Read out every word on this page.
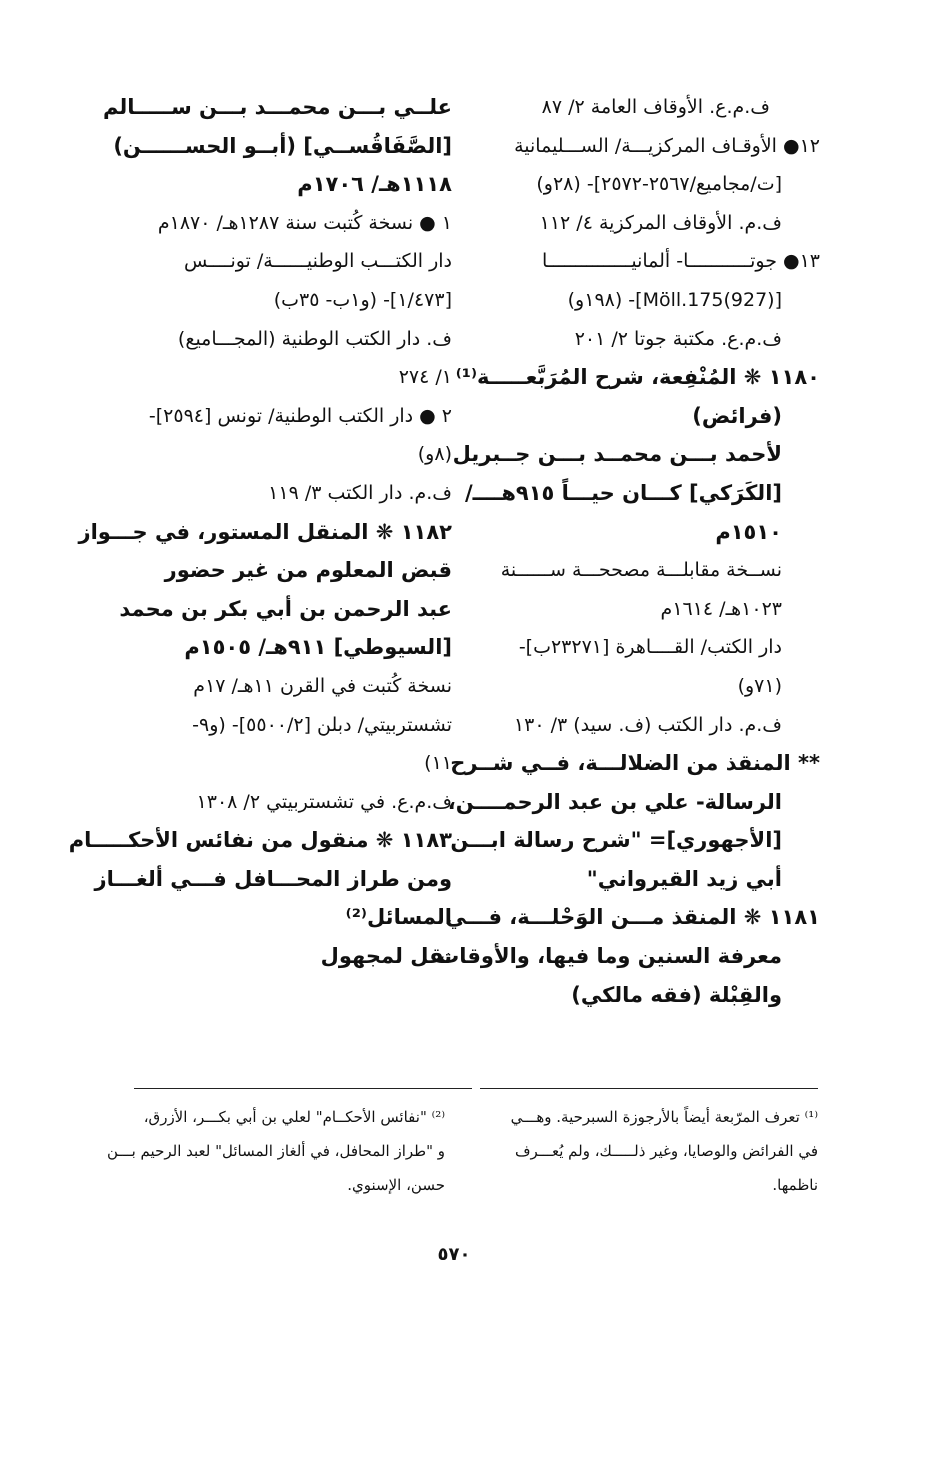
ف.م.ع. الأوقاف العامة ٢/ ٨٧
١٢● الأوقـاف المركزيـــة/ الســـليمانية
[ت/مجاميع/٢٥٦٧-٢٥٧٢]- (٢٨و)
ف.م. الأوقاف المركزية ٤/ ١١٢
١٣● جوتـــــــــــا- ألمانيـــــــــــــــا
[(927)Möll.175]- (١٩٨و)
ف.م.ع. مكتبة جوتا ٢/ ٢٠١
١١٨٠ ❋ المُنْفِعة، شرح المُرَبَّعـــــة⁽¹⁾
(فرائض)
لأحمد بـــن محمــد بـــن جــبريل
[الكَرَكي] كـــان حيـــاً ٩١٥هــــ/
١٥١٠م
نســخة مقابلـــة مصححـــة ســــــنة
١٠٢٣هـ/ ١٦١٤م
دار الكتب/ القــــاهرة [٢٣٢٧١ب]-
(٧١و)
ف.م. دار الكتب (ف. سيد) ٣/ ١٣٠
** المنقذ من الضلالـــة، فــي شــرح
الرسالة- علي بن عبد الرحمــــن،
[الأجهوري]= "شرح رسالة ابـــن
أبي زيد القيرواني"
١١٨١ ❋ المنقذ مـــن الوَحْلـــة، فـــي
معرفة السنين وما فيها، والأوقات
والقِبْلة (فقه مالكي)
علــي بـــن محمـــد بـــن ســـــالم
[الصَّفَاقُســي] (أبــو الحســــــن)
١١١٨هـ/ ١٧٠٦م
١ ● نسخة كُتبت سنة ١٢٨٧هـ/ ١٨٧٠م
دار الكتـــب الوطنيــــــة/ تونــــس
[١/٤٧٣]- (و١ب- ٣٥ب)
ف. دار الكتب الوطنية (المجـــاميع)
١/ ٢٧٤
٢ ● دار الكتب الوطنية/ تونس [٢٥٩٤]-
(٨و)
ف.م. دار الكتب ٣/ ١١٩
١١٨٢ ❋ المنقل المستور، في جـــواز
قبض المعلوم من غير حضور
عبد الرحمن بن أبي بكر بن محمد
[السيوطي] ٩١١هـ/ ١٥٠٥م
نسخة كُتبت في القرن ١١هـ/ ١٧م
تشستربيتي/ دبلن [٥٥٠٠/٢]- (و٩-
١١)
ف.م.ع. في تشستربيتي ٢/ ١٣٠٨
١١٨٣ ❋ منقول من نفائس الأحكـــــام
ومن طراز المحـــافل فـــي ألغـــاز
المسائل⁽²⁾
نقل لمجهول
⁽¹⁾ تعرف المرّبعة أيضاً بالأرجوزة السبرحية. وهـــي
في الفرائض والوصايا، وغير ذلـــــك، ولم يُعـــرف
ناظمها.
⁽²⁾ "نفائس الأحكــام" لعلي بن أبي بكـــر، الأزرق،
و "طراز المحافل، في ألغاز المسائل" لعبد الرحيم بـــن
حسن، الإسنوي.
٥٧٠
